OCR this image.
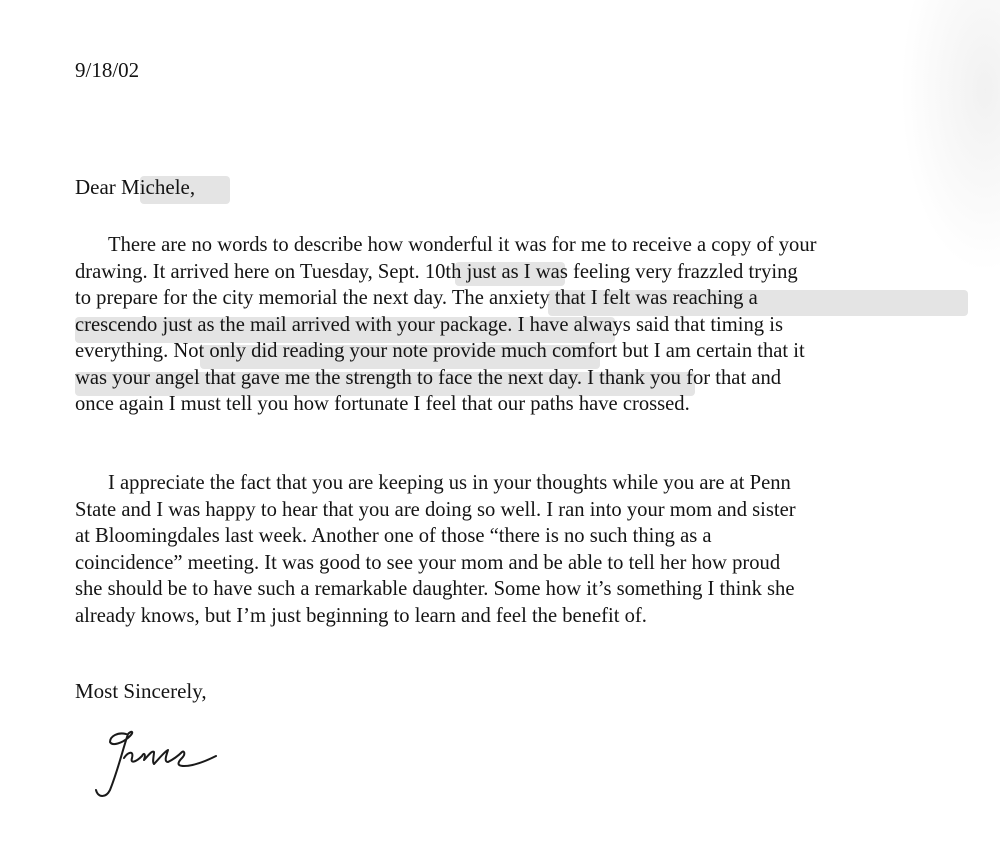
9/18/02
Dear Michele,
There are no words to describe how wonderful it was for me to receive a copy of your
drawing. It arrived here on Tuesday, Sept. 10th just as I was feeling very frazzled trying
to prepare for the city memorial the next day. The anxiety that I felt was reaching a
crescendo just as the mail arrived with your package. I have always said that timing is
everything. Not only did reading your note provide much comfort but I am certain that it
was your angel that gave me the strength to face the next day. I thank you for that and
once again I must tell you how fortunate I feel that our paths have crossed.
I appreciate the fact that you are keeping us in your thoughts while you are at Penn
State and I was happy to hear that you are doing so well. I ran into your mom and sister
at Bloomingdales last week. Another one of those “there is no such thing as a
coincidence” meeting. It was good to see your mom and be able to tell her how proud
she should be to have such a remarkable daughter. Some how it’s something I think she
already knows, but I’m just beginning to learn and feel the benefit of.
Most Sincerely,
